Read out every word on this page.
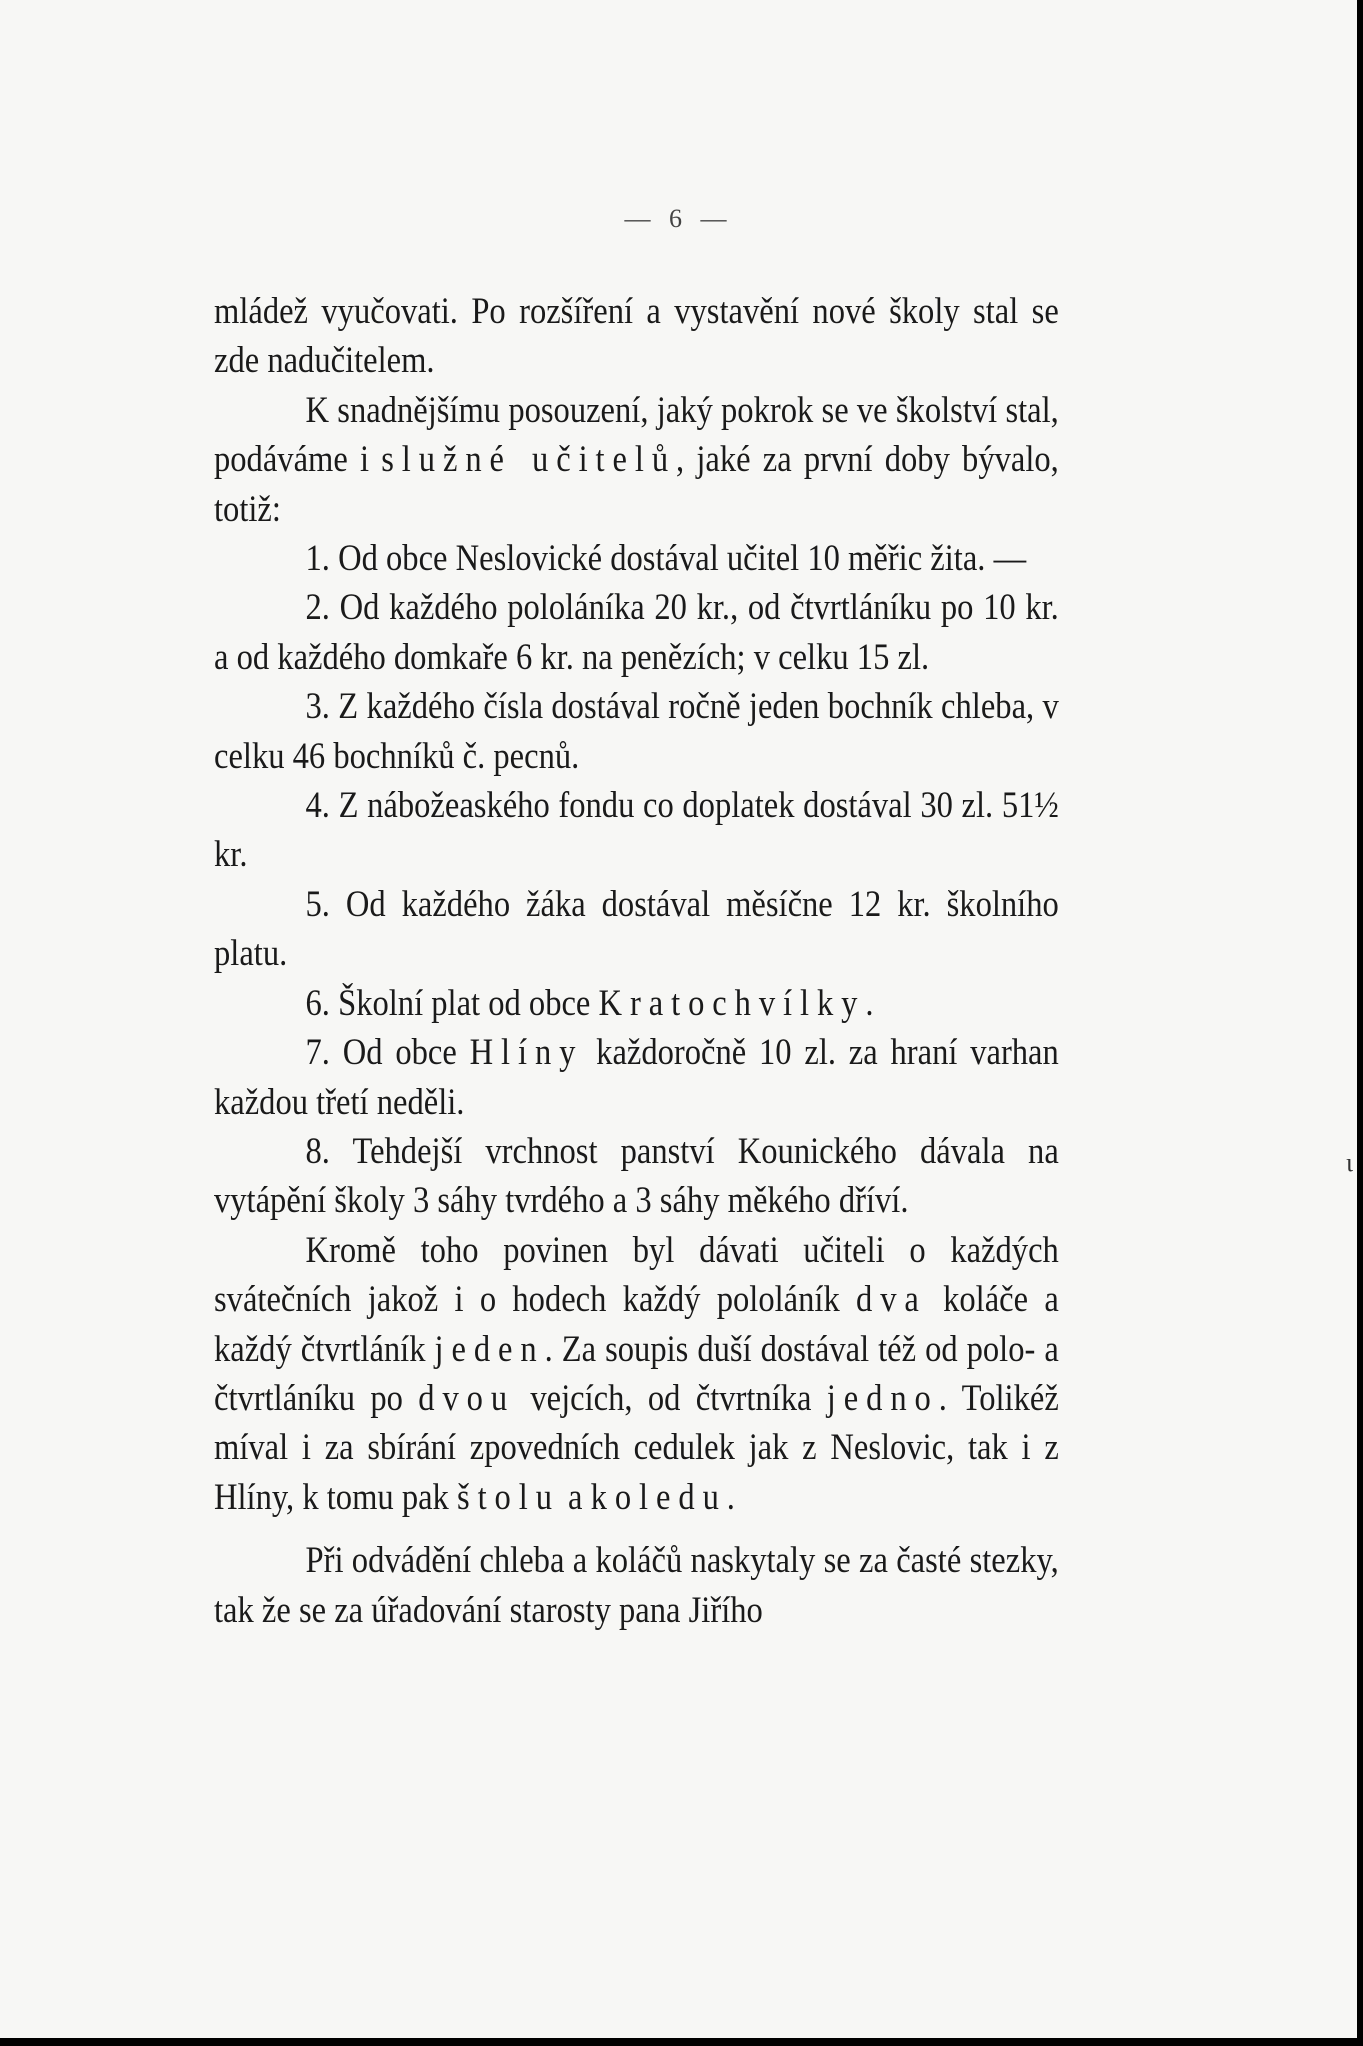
— 6 —

mládež vyučovati. Po rozšíření a vystavění nové školy stal se zde nadučitelem.

K snadnějšímu posouzení, jaký pokrok se ve školství stal, podáváme i služné učitelů, jaké za první doby bývalo, totiž:

1. Od obce Neslovické dostával učitel 10 měřic žita. —

2. Od každého pololáníka 20 kr., od čtvrtláníku po 10 kr. a od každého domkaře 6 kr. na penězích; v celku 15 zl.

3. Z každého čísla dostával ročně jeden bochník chleba, v celku 46 bochníků č. pecnů.

4. Z nábožeaského fondu co doplatek dostával 30 zl. 51½ kr.

5. Od každého žáka dostával měsíčne 12 kr. školního platu.

6. Školní plat od obce Kratochvílky.

7. Od obce Hlíny každoročně 10 zl. za hraní varhan každou třetí neděli.

8. Tehdejší vrchnost panství Kounického dávala na vytápění školy 3 sáhy tvrdého a 3 sáhy měkého dříví.

Kromě toho povinen byl dávati učiteli o každých svátečních jakož i o hodech každý pololáník dva koláče a každý čtvrtláník jeden. Za soupis duší dostával též od polo- a čtvrtláníku po dvou vejcích, od čtvrtníka jedno. Tolikéž míval i za sbírání zpovedních cedulek jak z Neslovic, tak i z Hlíny, k tomu pak štolu a koledu.

Při odvádění chleba a koláčů naskytaly se za časté stezky, tak že se za úřadování starosty pana Jiřího

ι
